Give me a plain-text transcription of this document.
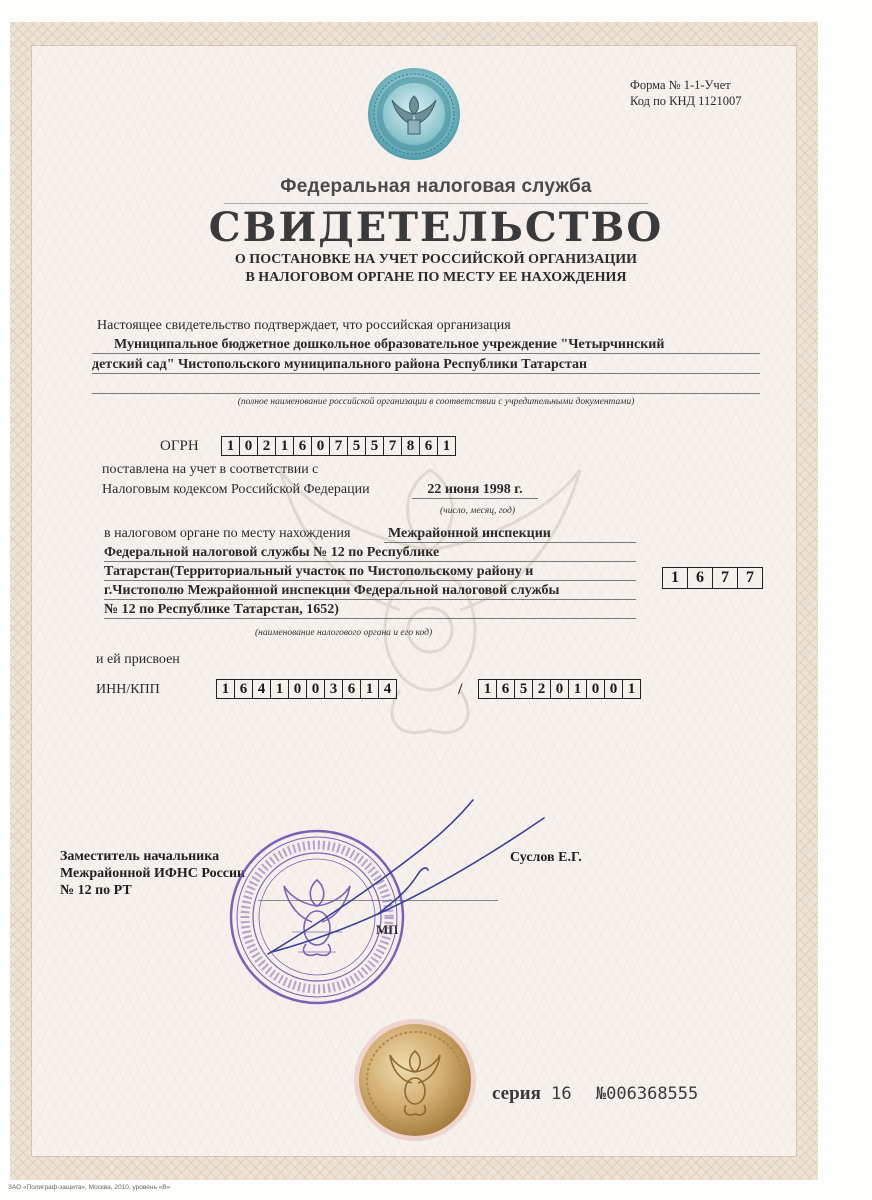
Форма № 1-1-Учет
Код по КНД 1121007
Федеральная налоговая служба
СВИДЕТЕЛЬСТВО
О ПОСТАНОВКЕ НА УЧЕТ РОССИЙСКОЙ ОРГАНИЗАЦИИ
В НАЛОГОВОМ ОРГАНЕ ПО МЕСТУ ЕЕ НАХОЖДЕНИЯ
Настоящее свидетельство подтверждает, что российская организация
Муниципальное бюджетное дошкольное образовательное учреждение "Четырчинский
детский сад" Чистопольского муниципального района Республики Татарстан
(полное наименование российской организации в соответствии с учредительными документами)
ОГРН	1 0 2 1 6 0 7 5 5 7 8 6 1
поставлена на учет в соответствии с
Налоговым кодексом Российской Федерации	22 июня 1998 г.
(число, месяц, год)
в налоговом органе по месту нахождения	Межрайонной инспекции
Федеральной налоговой службы № 12 по Республике
Татарстан(Территориальный участок по Чистопольскому району и
г.Чистополю Межрайонной инспекции Федеральной налоговой службы
№ 12 по Республике Татарстан, 1652)
1	6	7	7
(наименование налогового органа и его код)
и ей присвоен
ИНН/КПП	1 6 4 1 0 0 3 6 1 4	/	1 6 5 2 0 1 0 0 1
Заместитель начальника
Межрайонной ИФНС России
№ 12 по РТ
Суслов Е.Г.
МП
серия 16 №006368555
ЗАО «Полиграф-защита», Москва, 2010, уровень «В»
